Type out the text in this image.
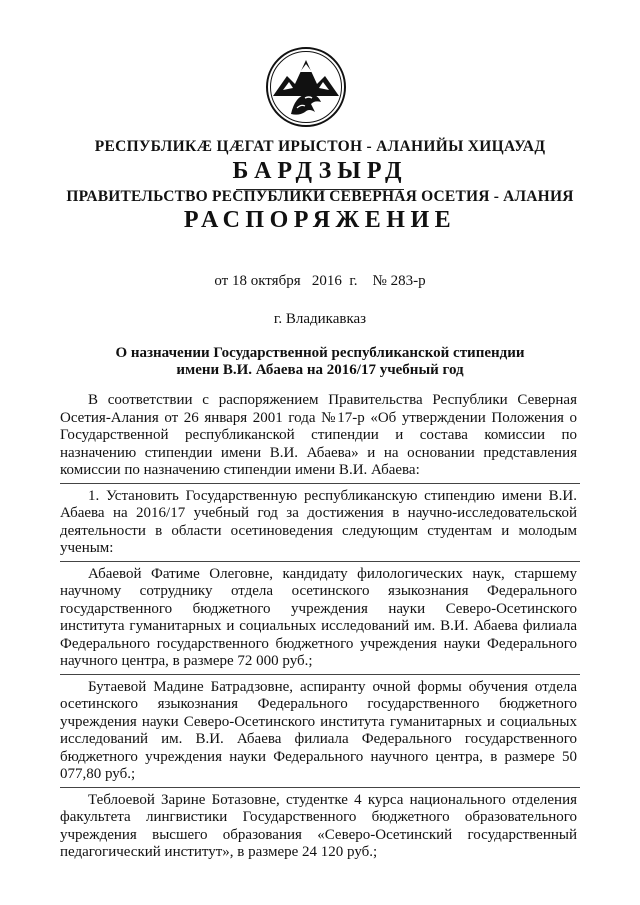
РЕСПУБЛИКÆ ЦÆГАТ ИРЫСТОН - АЛАНИЙЫ ХИЦАУАД
БАРДЗЫРД
ПРАВИТЕЛЬСТВО РЕСПУБЛИКИ СЕВЕРНАЯ ОСЕТИЯ - АЛАНИЯ
РАСПОРЯЖЕНИЕ
от 18 октября   2016  г.    № 283-р
г. Владикавказ
О назначении Государственной республиканской стипендии
имени В.И. Абаева на 2016/17 учебный год

В соответствии с распоряжением Правительства Республики Северная Осетия-Алания от 26 января 2001 года №17-р «Об утверждении Положения о Государственной республиканской стипендии и состава комиссии по назначению стипендии имени В.И. Абаева» и на основании представления комиссии по назначению стипендии имени В.И. Абаева:

1. Установить Государственную республиканскую стипендию имени В.И. Абаева на 2016/17 учебный год за достижения в научно-исследовательской деятельности в области осетиноведения следующим студентам и молодым ученым:

Абаевой Фатиме Олеговне, кандидату филологических наук, старшему научному сотруднику отдела осетинского языкознания Федерального государственного бюджетного учреждения науки Северо-Осетинского института гуманитарных и социальных исследований им. В.И. Абаева филиала Федерального государственного бюджетного учреждения науки Федерального научного центра, в размере 72 000 руб.;

Бутаевой Мадине Батрадзовне, аспиранту очной формы обучения отдела осетинского языкознания Федерального государственного бюджетного учреждения науки Северо-Осетинского института гуманитарных и социальных исследований им. В.И. Абаева филиала Федерального государственного бюджетного учреждения науки Федерального научного центра, в размере 50 077,80 руб.;

Теблоевой Зарине Ботазовне, студентке 4 курса национального отделения факультета лингвистики Государственного бюджетного образовательного учреждения высшего образования «Северо-Осетинский государственный педагогический институт», в размере 24 120 руб.;
